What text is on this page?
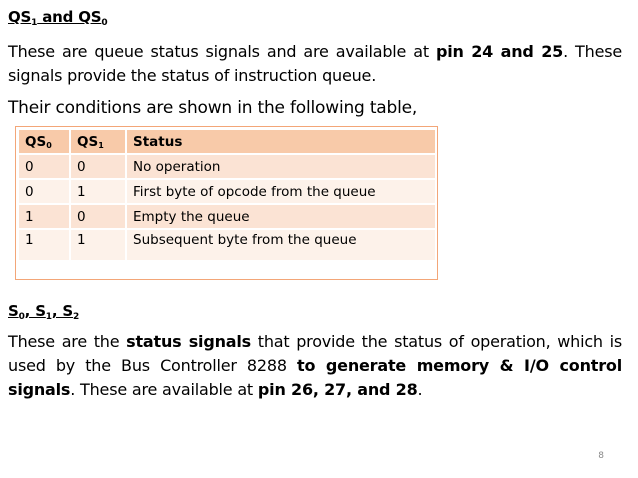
$QS_1$ and $QS_0$
These are queue status signals and are available at pin 24 and 25. These signals provide the status of instruction queue.
Their conditions are shown in the following table,
$QS_0$	$QS_1$	Status
0	0	No operation
0	1	First byte of opcode from the queue
1	0	Empty the queue
1	1	Subsequent byte from the queue
$S_0$, $S_1$, $S_2$
These are the status signals that provide the status of operation, which is used by the Bus Controller 8288 to generate memory & I/O control signals. These are available at pin 26, 27, and 28.
8
